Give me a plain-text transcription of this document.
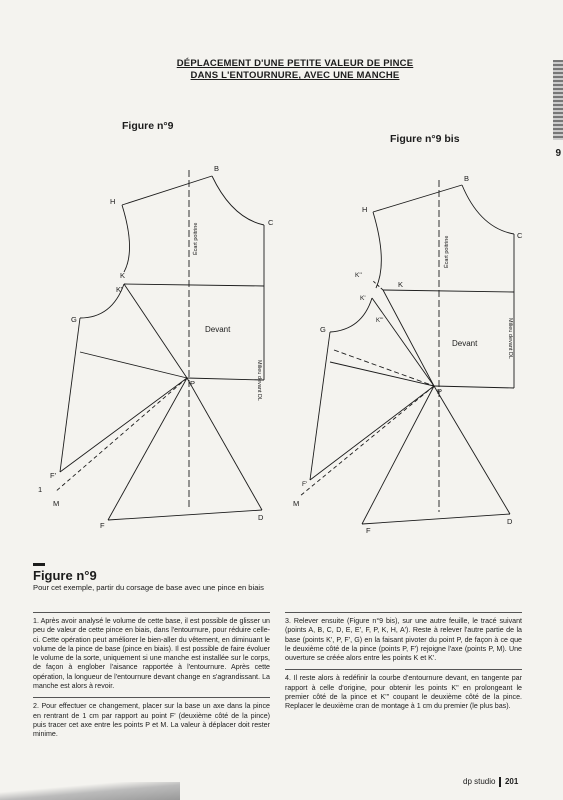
DÉPLACEMENT D'UNE PETITE VALEUR DE PINCE
DANS L'ENTOURNURE, AVEC UNE MANCHE
Figure n°9
Figure n°9 bis
B
H
C
K
K'
G
P
F'
1
M
F
D
Devant
Écart poitrine
Milieu devant DL
B
H
C
K''
K
K'
K'''
G
P
F'
M
F
D
Devant
Écart poitrine
Milieu devant DL
Figure n°9
Pour cet exemple, partir du corsage de base avec une pince en biais

1. Après avoir analysé le volume de cette base, il est possible de glisser un peu de valeur de cette pince en biais, dans l'entournure, pour réduire celle-ci. Cette opération peut améliorer le bien-aller du vêtement, en diminuant le volume de la pince de base (pince en biais). Il est possible de faire évoluer le volume de la sorte, uniquement si une manche est installée sur le corps, de façon à englober l'aisance rapportée à l'entournure. Après cette opération, la longueur de l'entournure devant change en s'agrandissant. La manche est alors à revoir.

2. Pour effectuer ce changement, placer sur la base un axe dans la pince en rentrant de 1 cm par rapport au point F' (deuxième côté de la pince) puis tracer cet axe entre les points P et M. La valeur à déplacer doit rester minime.

3. Relever ensuite (Figure n°9 bis), sur une autre feuille, le tracé suivant (points A, B, C, D, E, E', F, P, K, H, A'). Reste à relever l'autre partie de la base (points K', P, F', G) en la faisant pivoter du point P, de façon à ce que le deuxième côté de la pince (points P, F') rejoigne l'axe (points P, M). Une ouverture se créée alors entre les points K et K'.

4. Il reste alors à redéfinir la courbe d'entournure devant, en tangente par rapport à celle d'origine, pour obtenir les points K'' en prolongeant le premier côté de la pince et K''' coupant le deuxième côté de la pince. Replacer le deuxième cran de montage à 1 cm du premier (le plus bas).

dp studio 201
9
